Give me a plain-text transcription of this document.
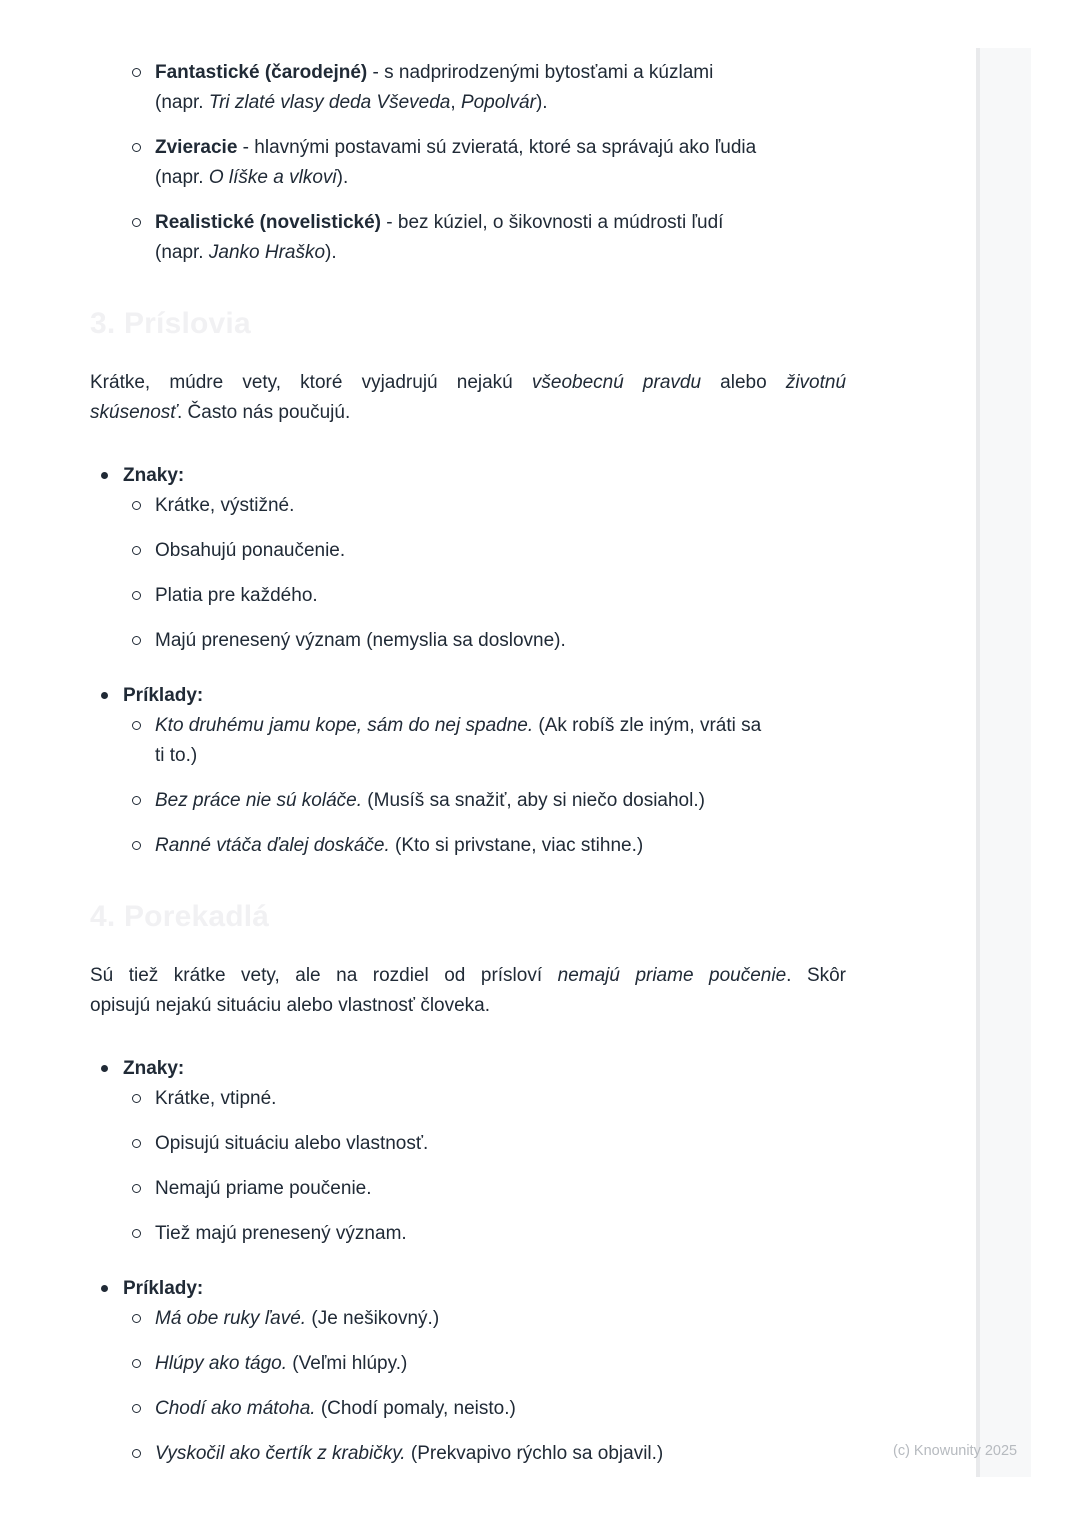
Fantastické (čarodejné) - s nadprirodzenými bytosťami a kúzlami
(napr. Tri zlaté vlasy deda Vševeda, Popolvár).
Zvieracie - hlavnými postavami sú zvieratá, ktoré sa správajú ako ľudia
(napr. O líške a vlkovi).
Realistické (novelistické) - bez kúziel, o šikovnosti a múdrosti ľudí
(napr. Janko Hraško).
3. Príslovia
Krátke, múdre vety, ktoré vyjadrujú nejakú všeobecnú pravdu alebo životnú
skúsenosť. Často nás poučujú.
Znaky:
Krátke, výstižné.
Obsahujú ponaučenie.
Platia pre každého.
Majú prenesený význam (nemyslia sa doslovne).
Príklady:
Kto druhému jamu kope, sám do nej spadne. (Ak robíš zle iným, vráti sa
ti to.)
Bez práce nie sú koláče. (Musíš sa snažiť, aby si niečo dosiahol.)
Ranné vtáča ďalej doskáče. (Kto si privstane, viac stihne.)
4. Porekadlá
Sú tiež krátke vety, ale na rozdiel od prísloví nemajú priame poučenie. Skôr
opisujú nejakú situáciu alebo vlastnosť človeka.
Znaky:
Krátke, vtipné.
Opisujú situáciu alebo vlastnosť.
Nemajú priame poučenie.
Tiež majú prenesený význam.
Príklady:
Má obe ruky ľavé. (Je nešikovný.)
Hlúpy ako tágo. (Veľmi hlúpy.)
Chodí ako mátoha. (Chodí pomaly, neisto.)
Vyskočil ako čertík z krabičky. (Prekvapivo rýchlo sa objavil.)	(c) Knowunity 2025
